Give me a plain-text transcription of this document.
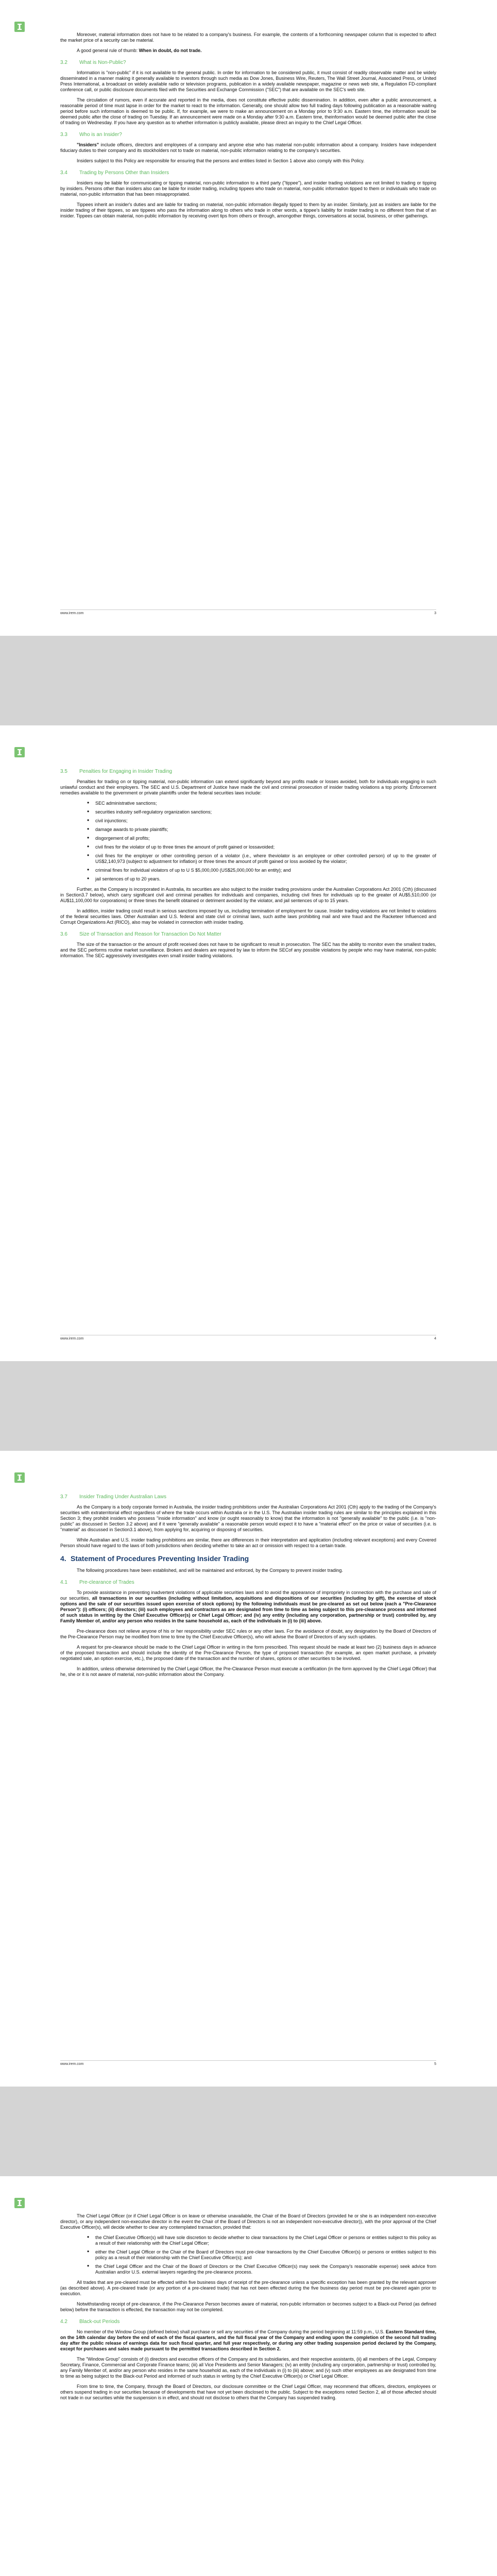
Moreover, material information does not have to be related to a company's business. For example, the contents of a forthcoming newspaper column that is expected to affect the market price of a security can be material.

A good general rule of thumb: When in doubt, do not trade.

3.2 What is Non-Public?

Information is "non-public" if it is not available to the general public. In order for information to be considered public, it must consist of readily observable matter and be widely disseminated in a manner making it generally available to investors through such media as Dow Jones, Business Wire, Reuters, The Wall Street Journal, Associated Press, or United Press International, a broadcast on widely available radio or television programs, publication in a widely available newspaper, magazine or news web site, a Regulation FD-compliant conference call, or public disclosure documents filed with the Securities and Exchange Commission ("SEC") that are available on the SEC's web site.

The circulation of rumors, even if accurate and reported in the media, does not constitute effective public dissemination. In addition, even after a public announcement, a reasonable period of time must lapse in order for the market to react to the information. Generally, one should allow two full trading days following publication as a reasonable waiting period before such information is deemed to be public. If, for example, we were to make an announcement on a Monday prior to 9:30 a.m. Eastern time, the information would be deemed public after the close of trading on Tuesday. If an announcement were made on a Monday after 9:30 a.m. Eastern time, theinformation would be deemed public after the close of trading on Wednesday. If you have any question as to whether information is publicly available, please direct an inquiry to the Chief Legal Officer.

3.3 Who is an Insider?

"Insiders" include officers, directors and employees of a company and anyone else who has material non-public information about a company. Insiders have independent fiduciary duties to their company and its stockholders not to trade on material, non-public information relating to the company's securities.

Insiders subject to this Policy are responsible for ensuring that the persons and entities listed in Section 1 above also comply with this Policy.

3.4 Trading by Persons Other than Insiders

Insiders may be liable for communicating or tipping material, non-public information to a third party ("tippee"), and insider trading violations are not limited to trading or tipping by insiders. Persons other than insiders also can be liable for insider trading, including tippees who trade on material, non-public information tipped to them or individuals who trade on material, non-public information that has been misappropriated.

Tippees inherit an insider's duties and are liable for trading on material, non-public information illegally tipped to them by an insider. Similarly, just as insiders are liable for the insider trading of their tippees, so are tippees who pass the information along to others who trade in other words, a tippee's liability for insider trading is no different from that of an insider. Tippees can obtain material, non-public information by receiving overt tips from others or through, amongother things, conversations at social, business, or other gatherings.

www.irem.com	3
3.5 Penalties for Engaging in Insider Trading

Penalties for trading on or tipping material, non-public information can extend significantly beyond any profits made or losses avoided, both for individuals engaging in such unlawful conduct and their employers. The SEC and U.S. Department of Justice have made the civil and criminal prosecution of insider trading violations a top priority. Enforcement remedies available to the government or private plaintiffs under the federal securities laws include:

• SEC administrative sanctions;
• securities industry self-regulatory organization sanctions;
• civil injunctions;
• damage awards to private plaintiffs;
• disgorgement of all profits;
• civil fines for the violator of up to three times the amount of profit gained or lossavoided;
• civil fines for the employer or other controlling person of a violator (i.e., where theviolator is an employee or other controlled person) of up to the greater of US$2,140,973 (subject to adjustment for inflation) or three times the amount of profit gained or loss avoided by the violator;
• criminal fines for individual violators of up to U S $5,000,000 (US$25,000,000 for an entity); and
• jail sentences of up to 20 years.

Further, as the Company is incorporated in Australia, its securities are also subject to the insider trading provisions under the Australian Corporations Act 2001 (Cth) (discussed in Section3.7 below), which carry significant civil and criminal penalties for individuals and companies, including civil fines for individuals up to the greater of AU$5,510,000 (or AU$11,100,000 for corporations) or three times the benefit obtained or detriment avoided by the violator, and jail sentences of up to 15 years.

In addition, insider trading could result in serious sanctions imposed by us, including termination of employment for cause. Insider trading violations are not limited to violations of the federal securities laws. Other Australian and U.S. federal and state civil or criminal laws, such asthe laws prohibiting mail and wire fraud and the Racketeer Influenced and Corrupt Organizations Act (RICO), also may be violated in connection with insider trading.

3.6 Size of Transaction and Reason for Transaction Do Not Matter

The size of the transaction or the amount of profit received does not have to be significant to result in prosecution. The SEC has the ability to monitor even the smallest trades, and the SEC performs routine market surveillance. Brokers and dealers are required by law to inform the SECof any possible violations by people who may have material, non-public information. The SEC aggressively investigates even small insider trading violations.

www.irem.com	4
3.7 Insider Trading Under Australian Laws

As the Company is a body corporate formed in Australia, the insider trading prohibitions under the Australian Corporations Act 2001 (Cth) apply to the trading of the Company's securities with extraterritorial effect regardless of where the trade occurs within Australia or in the U.S. The Australian insider trading rules are similar to the principles explained in this Section 3; they prohibit insiders who possess "inside information" and know (or ought reasonably to know) that the information is not "generally available" to the public (i.e. is "non-public" as discussed in Section 3.2 above) and if it were "generally available" a reasonable person would expect it to have a "material effect" on the price or value of securities (i.e. is "material" as discussed in Section3.1 above), from applying for, acquiring or disposing of securities.

While Australian and U.S. insider trading prohibitions are similar, there are differences in their interpretation and application (including relevant exceptions) and every Covered Person should have regard to the laws of both jurisdictions when deciding whether to take an act or omission with respect to a certain trade.

4. Statement of Procedures Preventing Insider Trading

The following procedures have been established, and will be maintained and enforced, by the Company to prevent insider trading.

4.1 Pre-clearance of Trades

To provide assistance in preventing inadvertent violations of applicable securities laws and to avoid the appearance of impropriety in connection with the purchase and sale of our securities, all transactions in our securities (including without limitation, acquisitions and dispositions of our securities (including by gift), the exercise of stock options and the sale of our securities issued upon exercise of stock options) by the following individuals must be pre-cleared as set out below (each a "Pre-Clearance Person"): (i) officers; (ii) directors; (iii) such employees and contractors as are designated from time to time as being subject to this pre-clearance process and informed of such status in writing by the Chief Executive Officer(s) or Chief Legal Officer; and (iv) any entity (including any corporation, partnership or trust) controlled by, any Family Member of, and/or any person who resides in the same household as, each of the individuals in (i) to (iii) above.

Pre-clearance does not relieve anyone of his or her responsibility under SEC rules or any other laws. For the avoidance of doubt, any designation by the Board of Directors of the Pre-Clearance Person may be modified from time to time by the Chief Executive Officer(s), who will advise the Board of Directors of any such updates.

A request for pre-clearance should be made to the Chief Legal Officer in writing in the form prescribed. This request should be made at least two (2) business days in advance of the proposed transaction and should include the identity of the Pre-Clearance Person, the type of proposed transaction (for example, an open market purchase, a privately negotiated sale, an option exercise, etc.), the proposed date of the transaction and the number of shares, options or other securities to be involved.

In addition, unless otherwise determined by the Chief Legal Officer, the Pre-Clearance Person must execute a certification (in the form approved by the Chief Legal Officer) that he, she or it is not aware of material, non-public information about the Company.

www.irem.com	5

The Chief Legal Officer (or if Chief Legal Officer is on leave or otherwise unavailable, the Chair of the Board of Directors (provided he or she is an independent non-executive director), or any independent non-executive director in the event the Chair of the Board of Directors is not an independent non-executive director)), with the prior approval of the Chief Executive Officer(s), will decide whether to clear any contemplated transaction, provided that:

• the Chief Executive Officer(s) will have sole discretion to decide whether to clear transactions by the Chief Legal Officer or persons or entities subject to this policy as a result of their relationship with the Chief Legal Officer;
• either the Chief Legal Officer or the Chair of the Board of Directors must pre-clear transactions by the Chief Executive Officer(s) or persons or entities subject to this policy as a result of their relationship with the Chief Executive Officer(s); and
• the Chief Legal Officer and the Chair of the Board of Directors or the Chief Executive Officer(s) may seek the Company's reasonable expense) seek advice from Australian and/or U.S. external lawyers regarding the pre-clearance process.

All trades that are pre-cleared must be effected within five business days of receipt of the pre-clearance unless a specific exception has been granted by the relevant approver (as described above). A pre-cleared trade (or any portion of a pre-cleared trade) that has not been effected during the five business day period must be pre-cleared again prior to execution.

Notwithstanding receipt of pre-clearance, if the Pre-Clearance Person becomes aware of material, non-public information or becomes subject to a Black-out Period (as defined below) before the transaction is effected, the transaction may not be completed.

4.2 Black-out Periods

No member of the Window Group (defined below) shall purchase or sell any securities of the Company during the period beginning at 11:59 p.m., U.S. Eastern Standard time, on the 14th calendar day before the end of each of the fiscal quarters, and the full fiscal year of the Company and ending upon the completion of the second full trading day after the public release of earnings data for such fiscal quarter, and full year respectively, or during any other trading suspension period declared by the Company, except for purchases and sales made pursuant to the permitted transactions described in Section 2.

The "Window Group" consists of (i) directors and executive officers of the Company and its subsidiaries, and their respective assistants, (ii) all members of the Legal, Company Secretary, Finance, Commercial and Corporate Finance teams; (iii) all Vice Presidents and Senior Managers; (iv) an entity (including any corporation, partnership or trust) controlled by, any Family Member of, and/or any person who resides in the same household as, each of the individuals in (i) to (iii) above; and (v) such other employees as are designated from time to time as being subject to the Black-out Period and informed of such status in writing by the Chief Executive Officer(s) or Chief Legal Officer.

From time to time, the Company, through the Board of Directors, our disclosure committee or the Chief Legal Officer, may recommend that officers, directors, employees or others suspend trading in our securities because of developments that have not yet been disclosed to the public. Subject to the exceptions noted Section 2, all of those affected should not trade in our securities while the suspension is in effect, and should not disclose to others that the Company has suspended trading.
